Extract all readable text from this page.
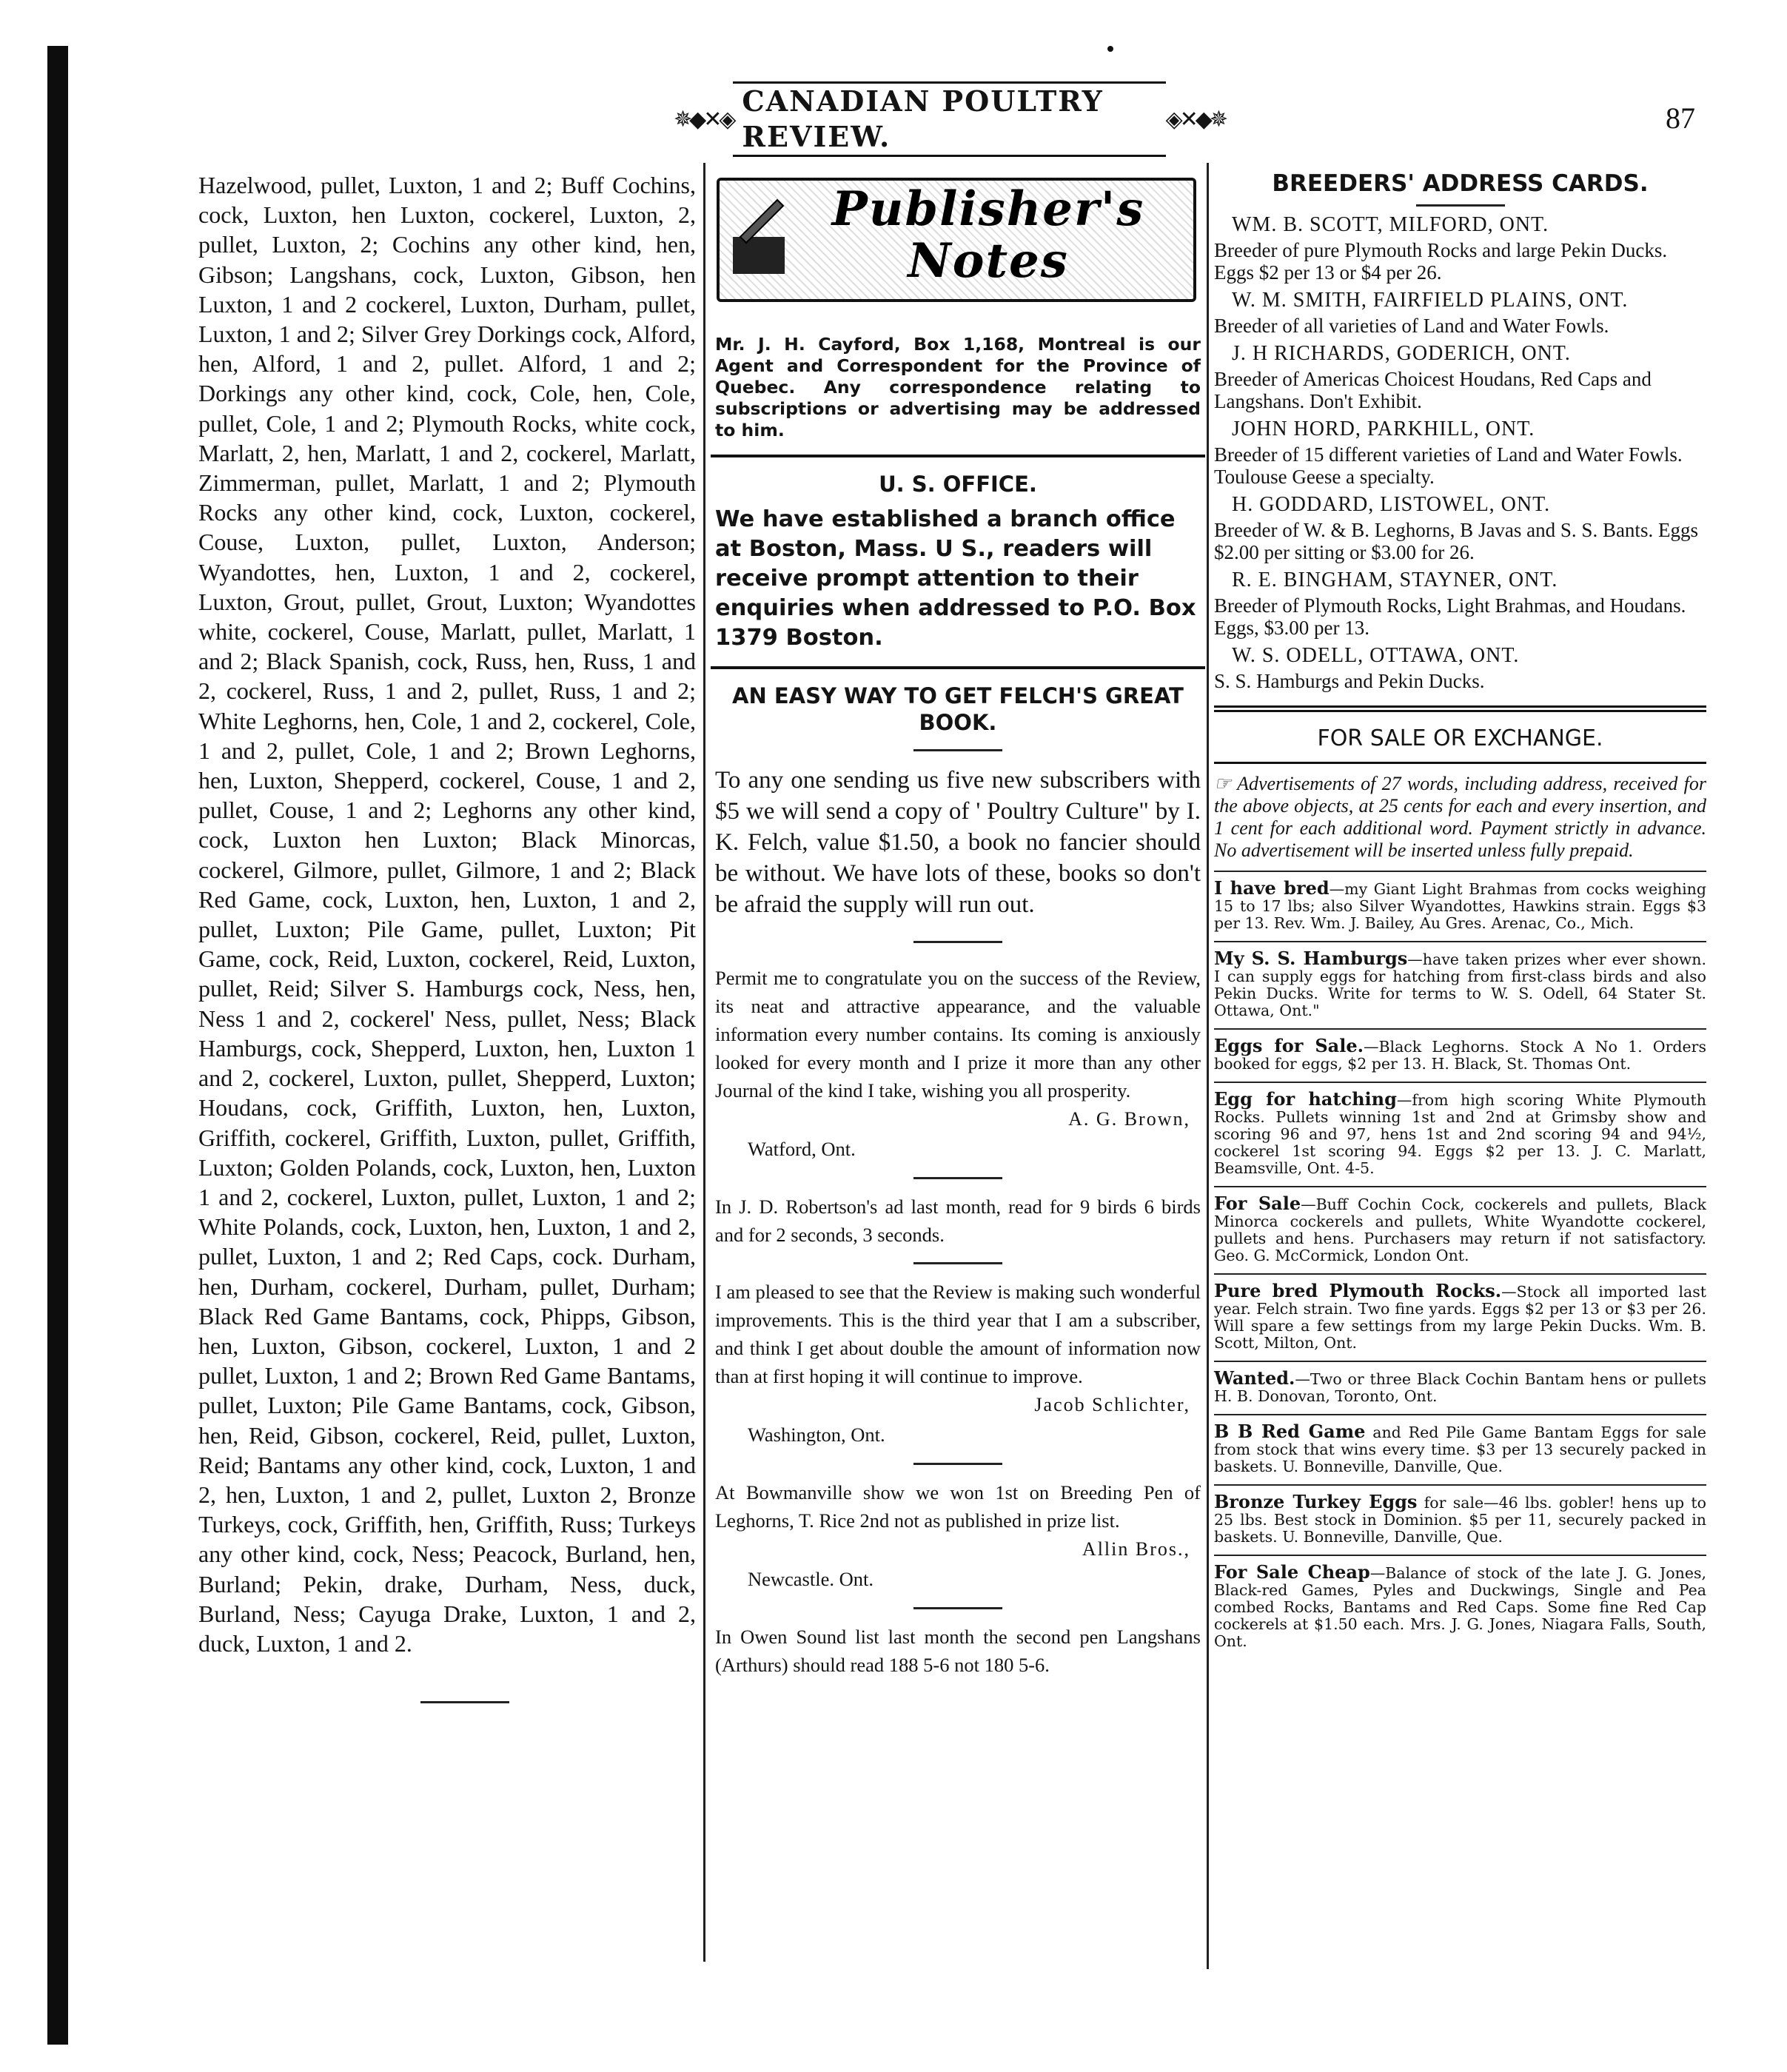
✵◆✕◈
CANADIAN POULTRY REVIEW.
◈✕◆✵	87

Hazelwood, pullet, Luxton, 1 and 2; Buff Cochins, cock, Luxton, hen Luxton, cockerel, Luxton, 2, pullet, Luxton, 2; Cochins any other kind, hen, Gibson; Langshans, cock, Luxton, Gibson, hen Luxton, 1 and 2 cockerel, Luxton, Durham, pullet, Luxton, 1 and 2; Silver Grey Dorkings cock, Alford, hen, Alford, 1 and 2, pullet. Alford, 1 and 2; Dorkings any other kind, cock, Cole, hen, Cole, pullet, Cole, 1 and 2; Plymouth Rocks, white cock, Marlatt, 2, hen, Marlatt, 1 and 2, cockerel, Marlatt, Zimmerman, pullet, Marlatt, 1 and 2; Plymouth Rocks any other kind, cock, Luxton, cockerel, Couse, Luxton, pullet, Luxton, Anderson; Wyandottes, hen, Luxton, 1 and 2, cockerel, Luxton, Grout, pullet, Grout, Luxton; Wyandottes white, cockerel, Couse, Marlatt, pullet, Marlatt, 1 and 2; Black Spanish, cock, Russ, hen, Russ, 1 and 2, cockerel, Russ, 1 and 2, pullet, Russ, 1 and 2; White Leghorns, hen, Cole, 1 and 2, cockerel, Cole, 1 and 2, pullet, Cole, 1 and 2; Brown Leghorns, hen, Luxton, Shepperd, cockerel, Couse, 1 and 2, pullet, Couse, 1 and 2; Leghorns any other kind, cock, Luxton hen Luxton; Black Minorcas, cockerel, Gilmore, pullet, Gilmore, 1 and 2; Black Red Game, cock, Luxton, hen, Luxton, 1 and 2, pullet, Luxton; Pile Game, pullet, Luxton; Pit Game, cock, Reid, Luxton, cockerel, Reid, Luxton, pullet, Reid; Silver S. Hamburgs cock, Ness, hen, Ness 1 and 2, cockerel' Ness, pullet, Ness; Black Hamburgs, cock, Shepperd, Luxton, hen, Luxton 1 and 2, cockerel, Luxton, pullet, Shepperd, Luxton; Houdans, cock, Griffith, Luxton, hen, Luxton, Griffith, cockerel, Griffith, Luxton, pullet, Griffith, Luxton; Golden Polands, cock, Luxton, hen, Luxton 1 and 2, cockerel, Luxton, pullet, Luxton, 1 and 2; White Polands, cock, Luxton, hen, Luxton, 1 and 2, pullet, Luxton, 1 and 2; Red Caps, cock. Durham, hen, Durham, cockerel, Durham, pullet, Durham; Black Red Game Bantams, cock, Phipps, Gibson, hen, Luxton, Gibson, cockerel, Luxton, 1 and 2 pullet, Luxton, 1 and 2; Brown Red Game Bantams, pullet, Luxton; Pile Game Bantams, cock, Gibson, hen, Reid, Gibson, cockerel, Reid, pullet, Luxton, Reid; Bantams any other kind, cock, Luxton, 1 and 2, hen, Luxton, 1 and 2, pullet, Luxton 2, Bronze Turkeys, cock, Griffith, hen, Griffith, Russ; Turkeys any other kind, cock, Ness; Peacock, Burland, hen, Burland; Pekin, drake, Durham, Ness, duck, Burland, Ness; Cayuga Drake, Luxton, 1 and 2, duck, Luxton, 1 and 2.

Publisher's Notes

Mr. J. H. Cayford, Box 1,168, Montreal is our Agent and Correspondent for the Province of Quebec. Any correspondence relating to subscriptions or advertising may be addressed to him.

U. S. OFFICE.

We have established a branch office at Boston, Mass. U S., readers will receive prompt attention to their enquiries when addressed to P.O. Box 1379 Boston.

AN EASY WAY TO GET FELCH'S GREAT BOOK.

To any one sending us five new subscribers with $5 we will send a copy of ' Poultry Culture" by I. K. Felch, value $1.50, a book no fancier should be without. We have lots of these, books so don't be afraid the supply will run out.

Permit me to congratulate you on the success of the Review, its neat and attractive appearance, and the valuable information every number contains. Its coming is anxiously looked for every month and I prize it more than any other Journal of the kind I take, wishing you all prosperity.

A. G. Brown,

Watford, Ont.

In J. D. Robertson's ad last month, read for 9 birds 6 birds and for 2 seconds, 3 seconds.

I am pleased to see that the Review is making such wonderful improvements. This is the third year that I am a subscriber, and think I get about double the amount of information now than at first hoping it will continue to improve.

Jacob Schlichter,

Washington, Ont.

At Bowmanville show we won 1st on Breeding Pen of Leghorns, T. Rice 2nd not as published in prize list.

Allin Bros.,

Newcastle. Ont.

In Owen Sound list last month the second pen Langshans (Arthurs) should read 188 5-6 not 180 5-6.

BREEDERS' ADDRESS CARDS.

WM. B. SCOTT, MILFORD, ONT.

Breeder of pure Plymouth Rocks and large Pekin Ducks. Eggs $2 per 13 or $4 per 26.

W. M. SMITH, FAIRFIELD PLAINS, ONT.

Breeder of all varieties of Land and Water Fowls.

J. H RICHARDS, GODERICH, ONT.

Breeder of Americas Choicest Houdans, Red Caps and Langshans. Don't Exhibit.

JOHN HORD, PARKHILL, ONT.

Breeder of 15 different varieties of Land and Water Fowls. Toulouse Geese a specialty.

H. GODDARD, LISTOWEL, ONT.

Breeder of W. & B. Leghorns, B Javas and S. S. Bants. Eggs $2.00 per sitting or $3.00 for 26.

R. E. BINGHAM, STAYNER, ONT.

Breeder of Plymouth Rocks, Light Brahmas, and Houdans. Eggs, $3.00 per 13.

W. S. ODELL, OTTAWA, ONT.

S. S. Hamburgs and Pekin Ducks.

FOR SALE OR EXCHANGE.

☞ Advertisements of 27 words, including address, received for the above objects, at 25 cents for each and every insertion, and 1 cent for each additional word. Payment strictly in advance. No advertisement will be inserted unless fully prepaid.

I have bred—my Giant Light Brahmas from cocks weighing 15 to 17 lbs; also Silver Wyandottes, Hawkins strain. Eggs $3 per 13. Rev. Wm. J. Bailey, Au Gres. Arenac, Co., Mich.

My S. S. Hamburgs—have taken prizes wher ever shown. I can supply eggs for hatching from first-class birds and also Pekin Ducks. Write for terms to W. S. Odell, 64 Stater St. Ottawa, Ont."

Eggs for Sale.—Black Leghorns. Stock A No 1. Orders booked for eggs, $2 per 13. H. Black, St. Thomas Ont.

Egg for hatching—from high scoring White Plymouth Rocks. Pullets winning 1st and 2nd at Grimsby show and scoring 96 and 97, hens 1st and 2nd scoring 94 and 94½, cockerel 1st scoring 94. Eggs $2 per 13. J. C. Marlatt, Beamsville, Ont. 4-5.

For Sale—Buff Cochin Cock, cockerels and pullets, Black Minorca cockerels and pullets, White Wyandotte cockerel, pullets and hens. Purchasers may return if not satisfactory. Geo. G. McCormick, London Ont.

Pure bred Plymouth Rocks.—Stock all imported last year. Felch strain. Two fine yards. Eggs $2 per 13 or $3 per 26. Will spare a few settings from my large Pekin Ducks. Wm. B. Scott, Milton, Ont.

Wanted.—Two or three Black Cochin Bantam hens or pullets H. B. Donovan, Toronto, Ont.

B B Red Game and Red Pile Game Bantam Eggs for sale from stock that wins every time. $3 per 13 securely packed in baskets. U. Bonneville, Danville, Que.

Bronze Turkey Eggs for sale—46 lbs. gobler! hens up to 25 lbs. Best stock in Dominion. $5 per 11, securely packed in baskets. U. Bonneville, Danville, Que.

For Sale Cheap—Balance of stock of the late J. G. Jones, Black-red Games, Pyles and Duckwings, Single and Pea combed Rocks, Bantams and Red Caps. Some fine Red Cap cockerels at $1.50 each. Mrs. J. G. Jones, Niagara Falls, South, Ont.
